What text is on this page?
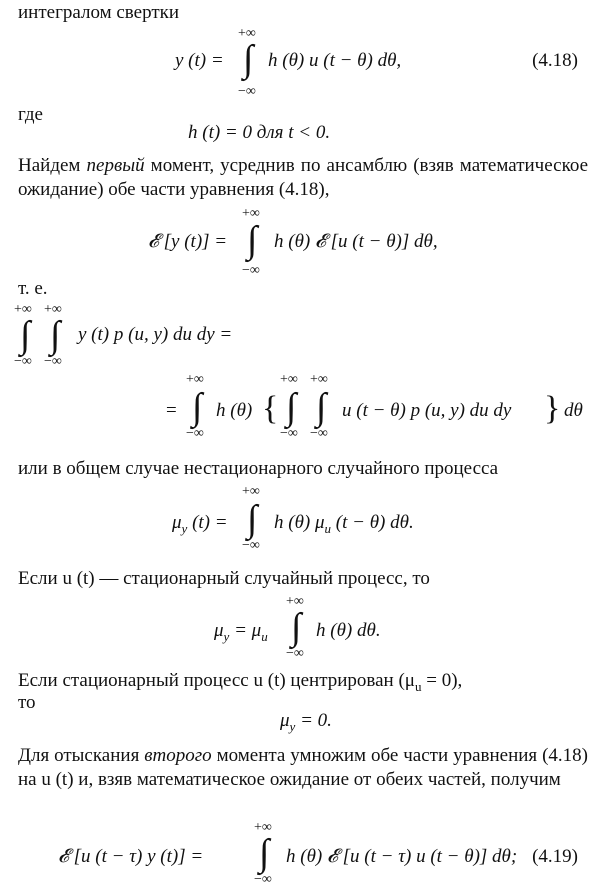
интегралом свертки
y (t) =
+∞
∫
−∞
h (θ) u (t − θ) dθ,	(4.18)
где
h (t) = 0 для t < 0.
Найдем первый момент, усреднив по ансамблю (взяв математическое ожидание) обе части уравнения (4.18),
𝓔 [y (t)] =
+∞
∫
−∞
h (θ) 𝓔 [u (t − θ)] dθ,
т. е.
+∞
∫
−∞
+∞
∫
−∞
y (t) p (u, y) du dy =
=
+∞
∫
−∞
h (θ) {
+∞
∫
−∞
+∞
∫
−∞
u (t − θ) p (u, y) du dy } dθ
или в общем случае нестационарного случайного процесса
$\mu_y$ (t) =
+∞
∫
−∞
h (θ) $\mu_u$ (t − θ) dθ.
Если u (t) — стационарный случайный процесс, то
$\mu_y = \mu_u$
+∞
∫
−∞
h (θ) dθ.
Если стационарный процесс u (t) центрирован $(\mu_u = 0)$,
то
$\mu_y = 0$.
Для отыскания второго момента умножим обе части уравнения (4.18) на u (t) и, взяв математическое ожидание от обеих частей, получим
𝓔 [u (t − τ) y (t)] =
+∞
∫
−∞
h (θ) 𝓔 [u (t − τ) u (t − θ)] dθ; (4.19)
